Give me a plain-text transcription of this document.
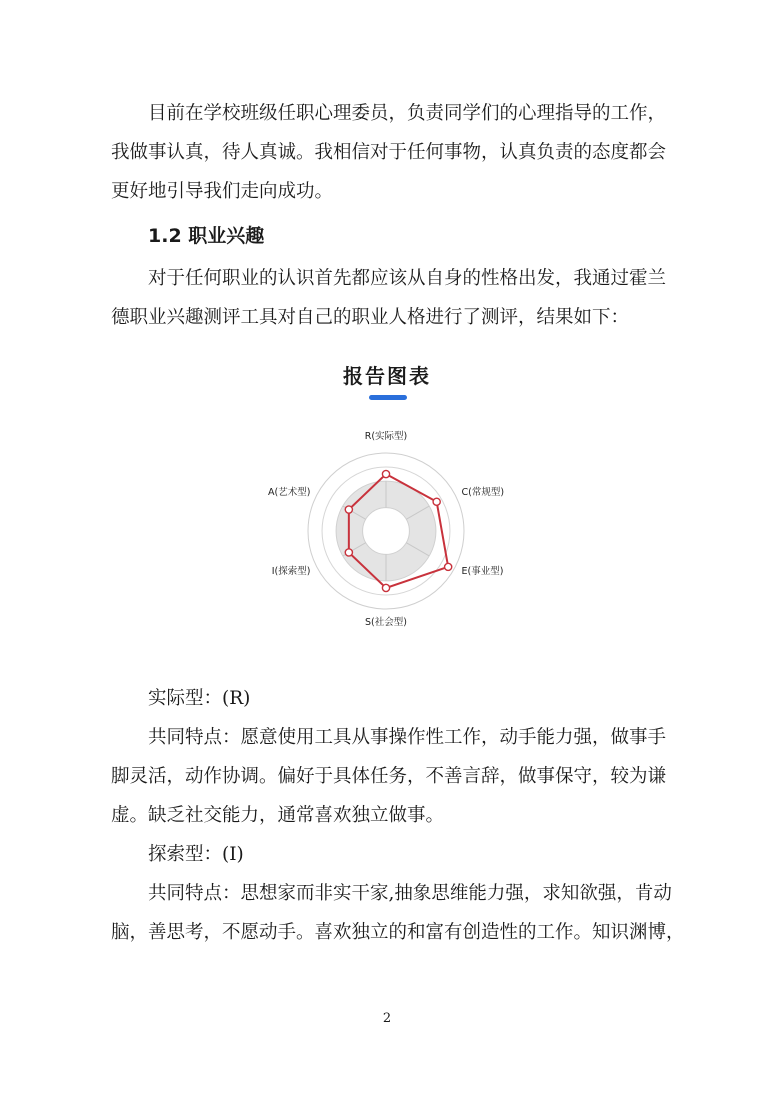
目前在学校班级任职心理委员，负责同学们的心理指导的工作，
我做事认真，待人真诚。我相信对于任何事物，认真负责的态度都会
更好地引导我们走向成功。

1.2 职业兴趣

对于任何职业的认识首先都应该从自身的性格出发，我通过霍兰
德职业兴趣测评工具对自己的职业人格进行了测评，结果如下：

报告图表
R(实际型)
C(常规型)
E(事业型)
S(社会型)
I(探索型)
A(艺术型)

实际型：(R)
共同特点：愿意使用工具从事操作性工作，动手能力强，做事手
脚灵活，动作协调。偏好于具体任务，不善言辞，做事保守，较为谦
虚。缺乏社交能力，通常喜欢独立做事。

探索型：(I)
共同特点：思想家而非实干家,抽象思维能力强，求知欲强，肯动
脑，善思考，不愿动手。喜欢独立的和富有创造性的工作。知识渊博，

2
